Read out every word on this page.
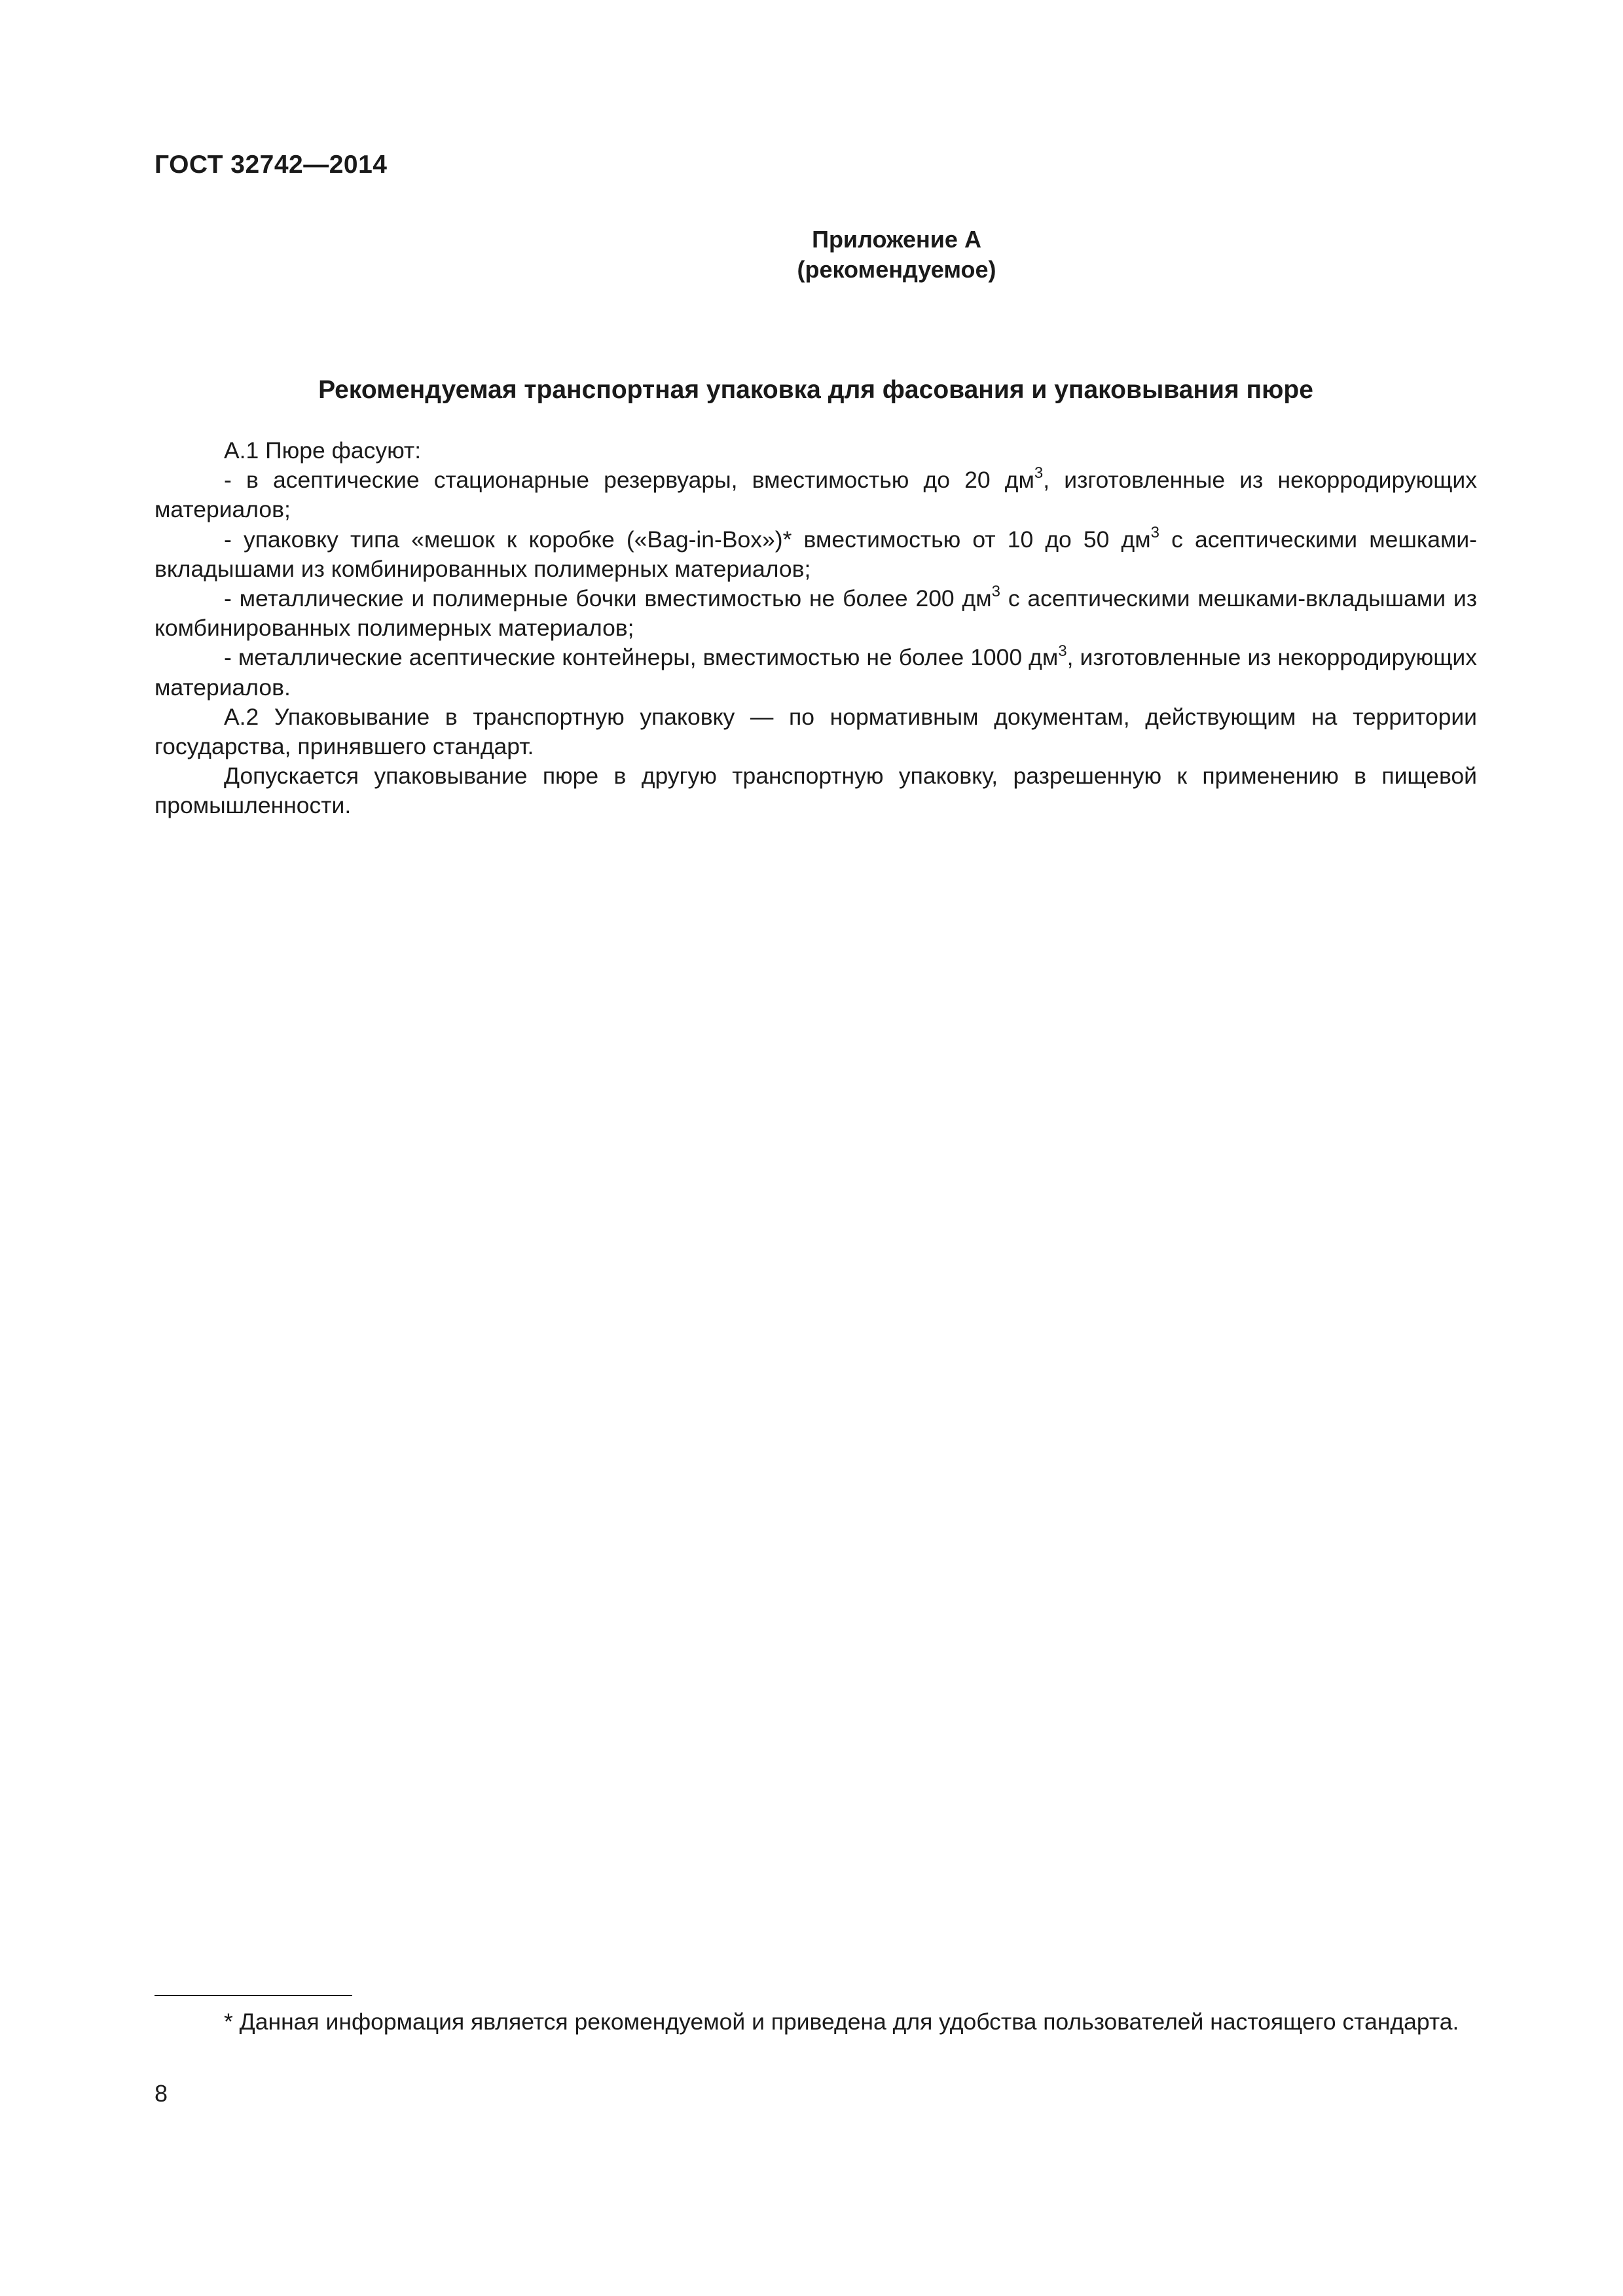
ГОСТ 32742—2014
Приложение А
(рекомендуемое)
Рекомендуемая транспортная упаковка для фасования и упаковывания пюре

А.1 Пюре фасуют:

- в асептические стационарные резервуары, вместимостью до 20 $дм^3$, изготовленные из некорродирующих материалов;

- упаковку типа «мешок к коробке («Bag-in-Box»)* вместимостью от 10 до 50 $дм^3$ с асептическими мешками-вкладышами из комбинированных полимерных материалов;

- металлические и полимерные бочки вместимостью не более 200 $дм^3$ с асептическими мешками-вкладышами из комбинированных полимерных материалов;

- металлические асептические контейнеры, вместимостью не более 1000 $дм^3$, изготовленные из некорродирующих материалов.

А.2 Упаковывание в транспортную упаковку — по нормативным документам, действующим на территории государства, принявшего стандарт.

Допускается упаковывание пюре в другую транспортную упаковку, разрешенную к применению в пищевой промышленности.

* Данная информация является рекомендуемой и приведена для удобства пользователей настоящего стандарта.

8
